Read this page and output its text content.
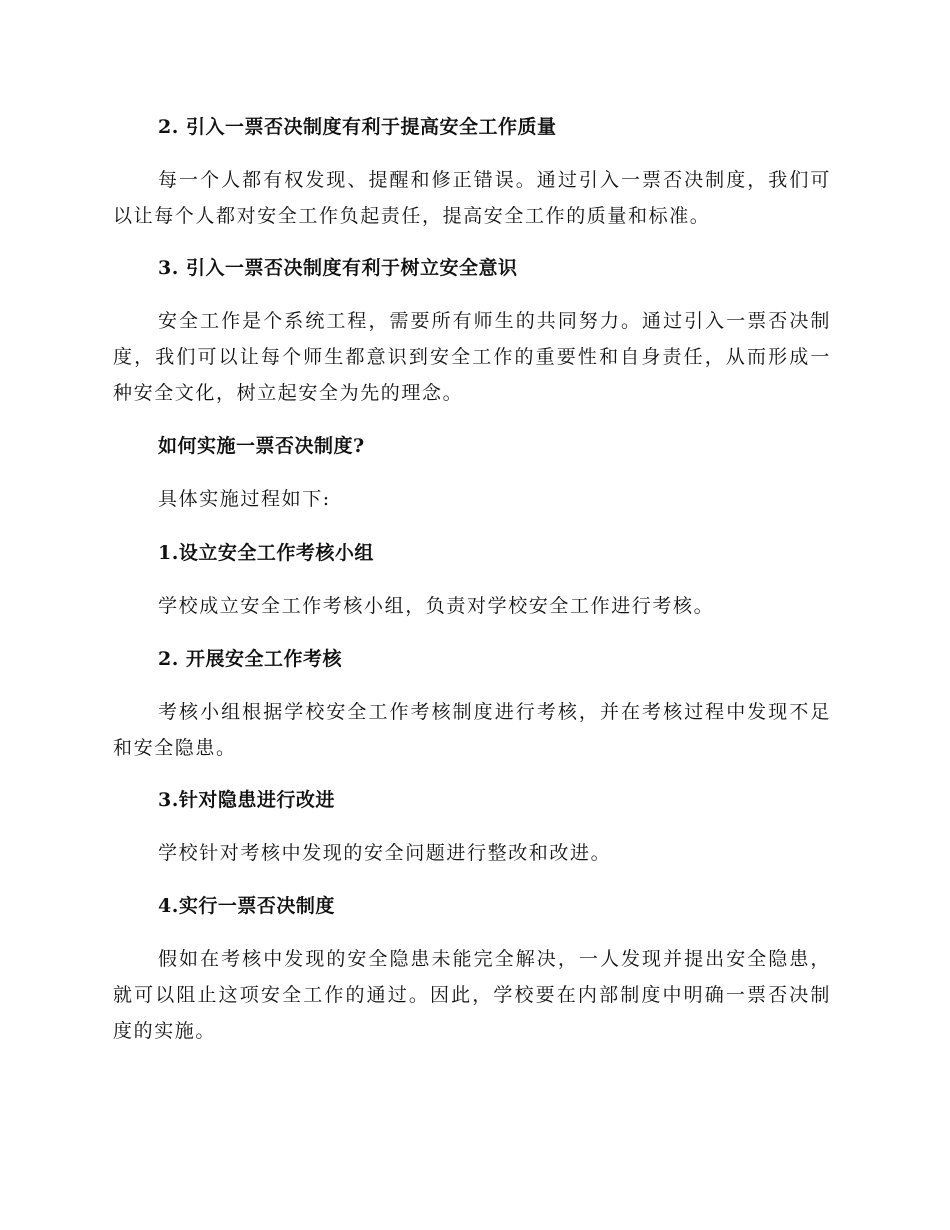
2. 引入一票否决制度有利于提高安全工作质量
每一个人都有权发现、提醒和修正错误。通过引入一票否决制度，我们可以让每个人都对安全工作负起责任，提高安全工作的质量和标准。
3. 引入一票否决制度有利于树立安全意识
安全工作是个系统工程，需要所有师生的共同努力。通过引入一票否决制度，我们可以让每个师生都意识到安全工作的重要性和自身责任，从而形成一种安全文化，树立起安全为先的理念。
如何实施一票否决制度?
具体实施过程如下:
1.设立安全工作考核小组
学校成立安全工作考核小组，负责对学校安全工作进行考核。
2. 开展安全工作考核
考核小组根据学校安全工作考核制度进行考核，并在考核过程中发现不足和安全隐患。
3.针对隐患进行改进
学校针对考核中发现的安全问题进行整改和改进。
4.实行一票否决制度
假如在考核中发现的安全隐患未能完全解决，一人发现并提出安全隐患，就可以阻止这项安全工作的通过。因此，学校要在内部制度中明确一票否决制度的实施。
